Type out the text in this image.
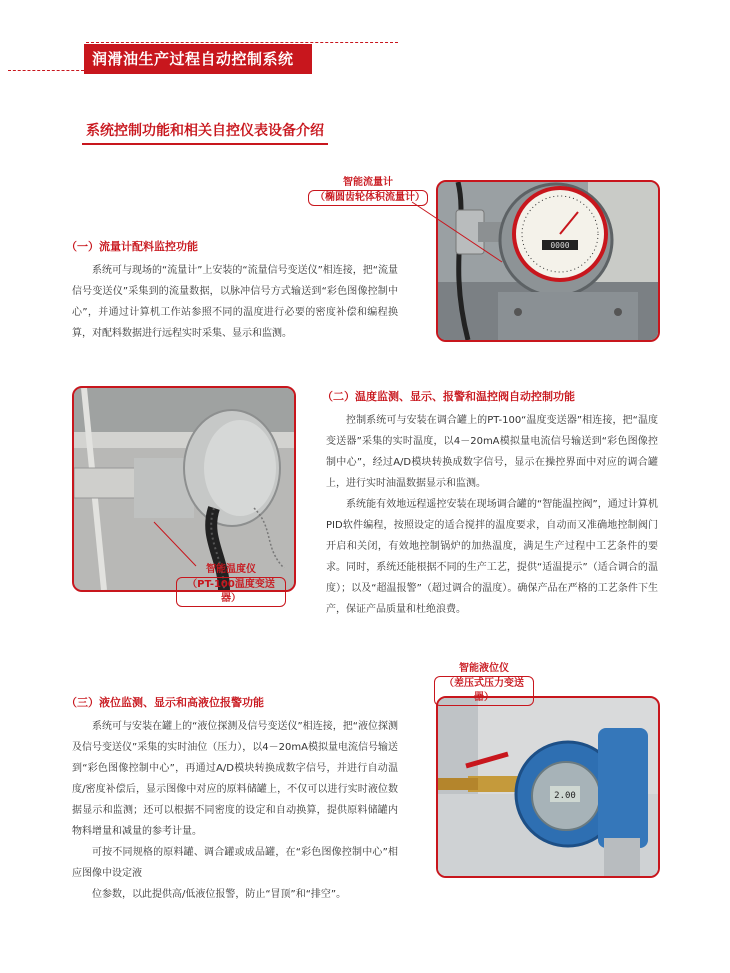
润滑油生产过程自动控制系统
系统控制功能和相关自控仪表设备介绍
0000
智能流量计
（椭圆齿轮体积流量计）
（一）流量计配料监控功能

系统可与现场的“流量计”上安装的“流量信号变送仪”相连接，把“流量信号变送仪”采集到的流量数据，以脉冲信号方式输送到“彩色图像控制中心”，并通过计算机工作站参照不同的温度进行必要的密度补偿和编程换算，对配料数据进行远程实时采集、显示和监测。

智能温度仪
（PT-100温度变送器）
（二）温度监测、显示、报警和温控阀自动控制功能

控制系统可与安装在调合罐上的PT-100“温度变送器”相连接，把“温度变送器”采集的实时温度，以4－20mA模拟量电流信号输送到“彩色图像控制中心”，经过A/D模块转换成数字信号，显示在操控界面中对应的调合罐上，进行实时油温数据显示和监测。

系统能有效地远程遥控安装在现场调合罐的“智能温控阀”，通过计算机PID软件编程，按照设定的适合搅拌的温度要求，自动而又准确地控制阀门开启和关闭，有效地控制锅炉的加热温度，满足生产过程中工艺条件的要求。同时，系统还能根据不同的生产工艺，提供“适温提示”（适合调合的温度）；以及“超温报警”（超过调合的温度）。确保产品在严格的工艺条件下生产，保证产品质量和杜绝浪费。

2.00
智能液位仪
（差压式压力变送器）
（三）液位监测、显示和高液位报警功能

系统可与安装在罐上的“液位探测及信号变送仪”相连接，把“液位探测及信号变送仪”采集的实时油位（压力），以4－20mA模拟量电流信号输送到“彩色图像控制中心”，再通过A/D模块转换成数字信号，并进行自动温度/密度补偿后，显示图像中对应的原料储罐上，不仅可以进行实时液位数据显示和监测；还可以根据不同密度的设定和自动换算，提供原料储罐内物料增量和减量的参考计量。

可按不同规格的原料罐、调合罐或成品罐，在“彩色图像控制中心”相应图像中设定液

位参数，以此提供高/低液位报警，防止“冒顶”和“排空”。
